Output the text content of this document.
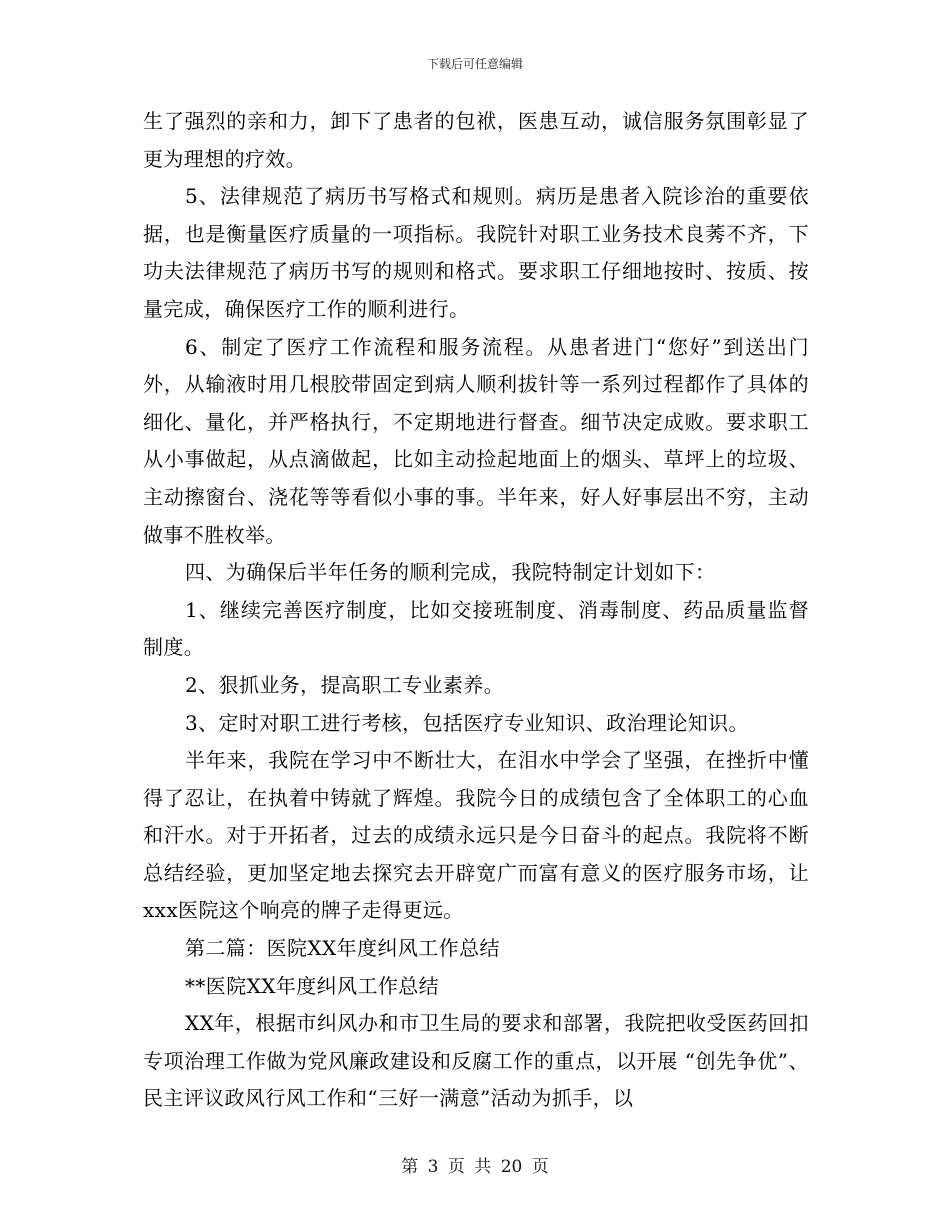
下载后可任意编辑

生了强烈的亲和力，卸下了患者的包袱，医患互动，诚信服务氛围彰显了更为理想的疗效。

5、法律规范了病历书写格式和规则。病历是患者入院诊治的重要依据，也是衡量医疗质量的一项指标。我院针对职工业务技术良莠不齐，下功夫法律规范了病历书写的规则和格式。要求职工仔细地按时、按质、按量完成，确保医疗工作的顺利进行。

6、制定了医疗工作流程和服务流程。从患者进门“您好”到送出门外，从输液时用几根胶带固定到病人顺利拔针等一系列过程都作了具体的细化、量化，并严格执行，不定期地进行督查。细节决定成败。要求职工从小事做起，从点滴做起，比如主动捡起地面上的烟头、草坪上的垃圾、主动擦窗台、浇花等等看似小事的事。半年来，好人好事层出不穷，主动做事不胜枚举。

四、为确保后半年任务的顺利完成，我院特制定计划如下：

1、继续完善医疗制度，比如交接班制度、消毒制度、药品质量监督制度。

2、狠抓业务，提高职工专业素养。

3、定时对职工进行考核，包括医疗专业知识、政治理论知识。

半年来，我院在学习中不断壮大，在泪水中学会了坚强，在挫折中懂得了忍让，在执着中铸就了辉煌。我院今日的成绩包含了全体职工的心血和汗水。对于开拓者，过去的成绩永远只是今日奋斗的起点。我院将不断总结经验，更加坚定地去探究去开辟宽广而富有意义的医疗服务市场，让xxx医院这个响亮的牌子走得更远。

第二篇：医院XX年度纠风工作总结

**医院XX年度纠风工作总结

XX年，根据市纠风办和市卫生局的要求和部署，我院把收受医药回扣专项治理工作做为党风廉政建设和反腐工作的重点，以开展 “创先争优”、民主评议政风行风工作和“三好一满意”活动为抓手，以

第 3 页 共 20 页
